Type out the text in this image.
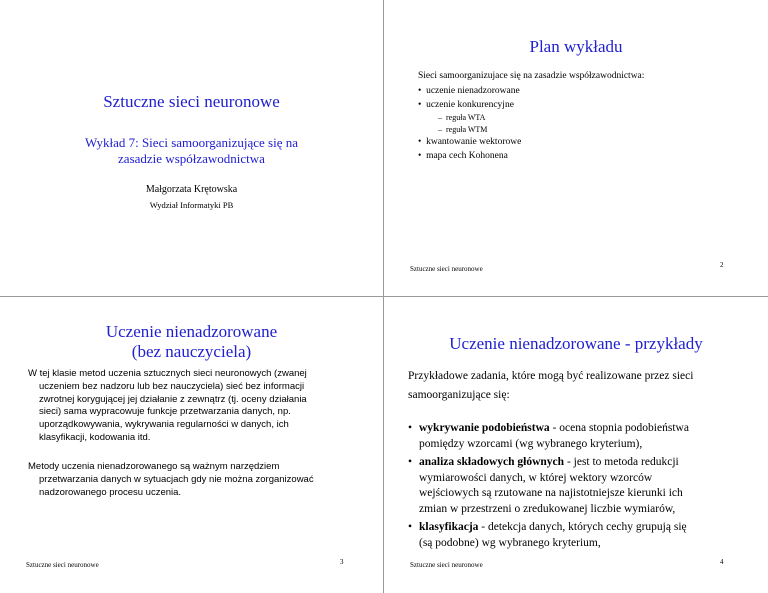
Sztuczne sieci neuronowe
Wykład 7: Sieci samoorganizujące się na
zasadzie współzawodnictwa
Małgorzata Krętowska
Wydział Informatyki PB
Plan wykładu
Sieci samoorganizujace się na zasadzie współzawodnictwa:
•  uczenie nienadzorowane
•  uczenie konkurencyjne
–  reguła WTA
–  reguła WTM
•  kwantowanie wektorowe
•  mapa cech Kohonena
Sztuczne sieci neuronowe	2
Uczenie nienadzorowane
(bez nauczyciela)
W tej klasie metod uczenia sztucznych sieci neuronowych (zwanej
uczeniem bez nadzoru lub bez nauczyciela) sieć bez informacji
zwrotnej korygującej jej działanie z zewnątrz (tj. oceny działania
sieci) sama wypracowuje funkcje przetwarzania danych, np.
uporządkowywania, wykrywania regularności w danych, ich
klasyfikacji, kodowania itd.
Metody uczenia nienadzorowanego są ważnym narzędziem
przetwarzania danych w sytuacjach gdy nie można zorganizować
nadzorowanego procesu uczenia.
Sztuczne sieci neuronowe	3
Uczenie nienadzorowane - przykłady
Przykładowe zadania, które mogą być realizowane przez sieci
samoorganizujące się:
• wykrywanie podobieństwa - ocena stopnia podobieństwa
pomiędzy wzorcami (wg wybranego kryterium),
• analiza składowych głównych - jest to metoda redukcji
wymiarowości danych, w której wektory wzorców
wejściowych są rzutowane na najistotniejsze kierunki ich
zmian w przestrzeni o zredukowanej liczbie wymiarów,
• klasyfikacja - detekcja danych, których cechy grupują się
(są podobne) wg wybranego kryterium,
Sztuczne sieci neuronowe	4
